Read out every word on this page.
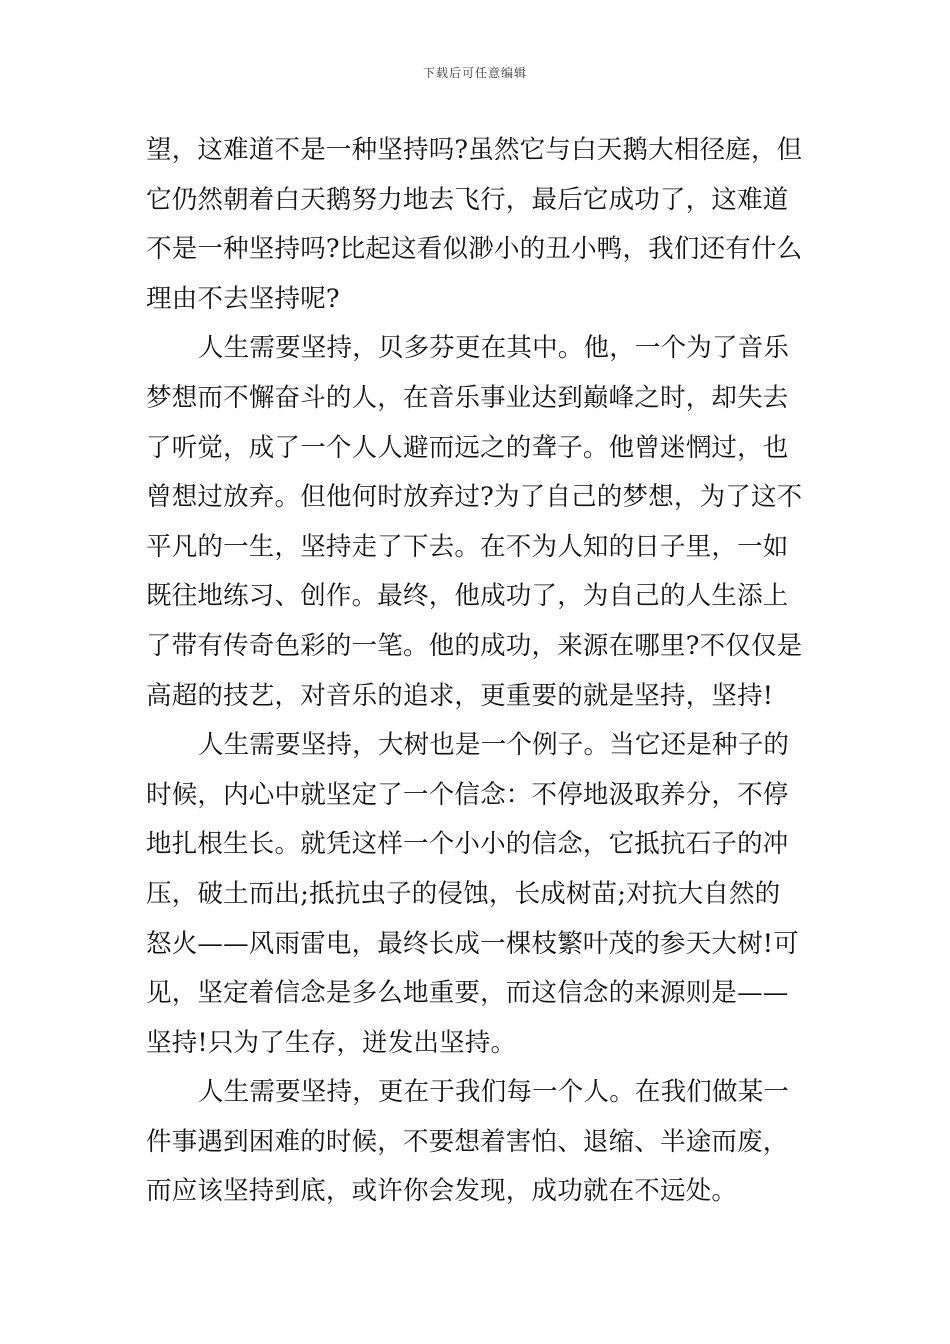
下载后可任意编辑
望，这难道不是一种坚持吗?虽然它与白天鹅大相径庭，但
它仍然朝着白天鹅努力地去飞行，最后它成功了，这难道
不是一种坚持吗?比起这看似渺小的丑小鸭，我们还有什么
理由不去坚持呢?
人生需要坚持，贝多芬更在其中。他，一个为了音乐
梦想而不懈奋斗的人，在音乐事业达到巅峰之时，却失去
了听觉，成了一个人人避而远之的聋子。他曾迷惘过，也
曾想过放弃。但他何时放弃过?为了自己的梦想，为了这不
平凡的一生，坚持走了下去。在不为人知的日子里，一如
既往地练习、创作。最终，他成功了，为自己的人生添上
了带有传奇色彩的一笔。他的成功，来源在哪里?不仅仅是
高超的技艺，对音乐的追求，更重要的就是坚持，坚持!
人生需要坚持，大树也是一个例子。当它还是种子的
时候，内心中就坚定了一个信念：不停地汲取养分，不停
地扎根生长。就凭这样一个小小的信念，它抵抗石子的冲
压，破土而出;抵抗虫子的侵蚀，长成树苗;对抗大自然的
怒火——风雨雷电，最终长成一棵枝繁叶茂的参天大树!可
见，坚定着信念是多么地重要，而这信念的来源则是——
坚持!只为了生存，迸发出坚持。
人生需要坚持，更在于我们每一个人。在我们做某一
件事遇到困难的时候，不要想着害怕、退缩、半途而废，
而应该坚持到底，或许你会发现，成功就在不远处。
